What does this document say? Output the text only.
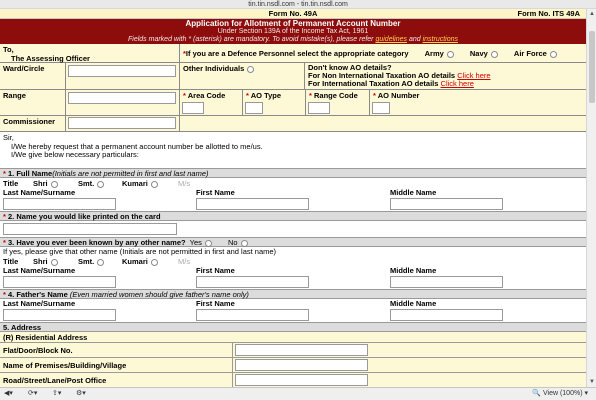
tin.tin.nsdl.com - tin.tin.nsdl.com
Form No. 49A	Form No. ITS 49A
Application for Allotment of Permanent Account Number
Under Section 139A of the Income Tax Act, 1961
Fields marked with * (asterisk) are mandatory. To avoid mistake(s), please refer guidelines and instructions
To,
The Assessing Officer
*If you are a Defence Personnel select the appropriate category Army	Navy	Air Force
Ward/Circle	Other Individuals	Don't know AO details?
For Non International Taxation AO details Click here
For International Taxation AO details Click here
Range	* Area Code	* AO Type	* Range Code	* AO Number
Commissioner
Sir,
I/We hereby request that a permanent account number be allotted to me/us.
I/We give below necessary particulars:
* 1. Full Name(Initials are not permitted in first and last name)
Title Shri	Smt.	Kumari	M/s
Last Name/Surname	First Name	Middle Name
* 2. Name you would like printed on the card
* 3. Have you ever been known by any other name? Yes	No
If yes, please give that other name (Initials are not permitted in first and last name)
Title Shri	Smt.	Kumari	M/s
Last Name/Surname	First Name	Middle Name
* 4. Father's Name (Even married women should give father's name only)
Last Name/Surname	First Name	Middle Name
5. Address
(R) Residential Address
Flat/Door/Block No.
Name of Premises/Building/Village
Road/Street/Lane/Post Office
▲
▼
◀▾ ⟳▾ ⇪▾ ⚙▾	🔍 View (100%) ▾
